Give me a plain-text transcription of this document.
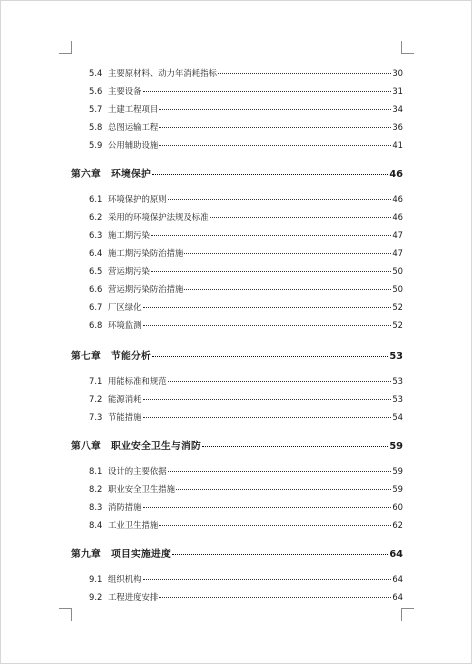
5.4 主要原材料、动力年消耗指标	30
5.6 主要设备	31
5.7 土建工程项目	34
5.8 总图运输工程	36
5.9 公用辅助设施	41
第六章　环境保护	46
6.1 环境保护的原则	46
6.2 采用的环境保护法规及标准	46
6.3 施工期污染	47
6.4 施工期污染防治措施	47
6.5 营运期污染	50
6.6 营运期污染防治措施	50
6.7 厂区绿化	52
6.8 环境监测	52
第七章　节能分析	53
7.1 用能标准和规范	53
7.2 能源消耗	53
7.3 节能措施	54
第八章　职业安全卫生与消防	59
8.1 设计的主要依据	59
8.2 职业安全卫生措施	59
8.3 消防措施	60
8.4 工业卫生措施	62
第九章　项目实施进度	64
9.1 组织机构	64
9.2 工程进度安排	64
